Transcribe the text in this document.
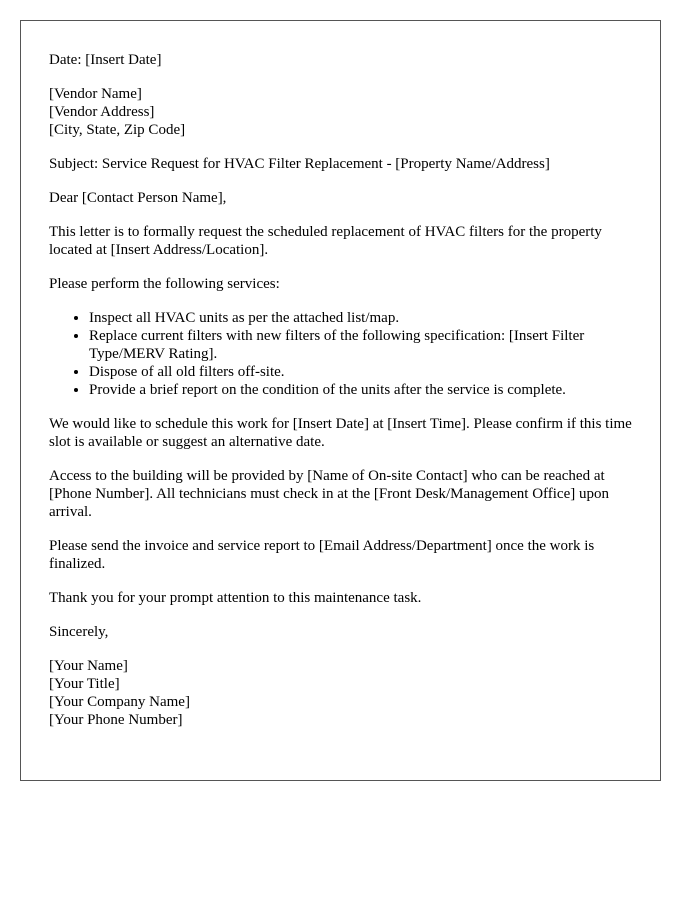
Date: [Insert Date]

[Vendor Name]
[Vendor Address]
[City, State, Zip Code]

Subject: Service Request for HVAC Filter Replacement - [Property Name/Address]

Dear [Contact Person Name],

This letter is to formally request the scheduled replacement of HVAC filters for the property located at [Insert Address/Location].

Please perform the following services:

• Inspect all HVAC units as per the attached list/map.
• Replace current filters with new filters of the following specification: [Insert Filter Type/MERV Rating].
• Dispose of all old filters off-site.
• Provide a brief report on the condition of the units after the service is complete.

We would like to schedule this work for [Insert Date] at [Insert Time]. Please confirm if this time slot is available or suggest an alternative date.

Access to the building will be provided by [Name of On-site Contact] who can be reached at [Phone Number]. All technicians must check in at the [Front Desk/Management Office] upon arrival.

Please send the invoice and service report to [Email Address/Department] once the work is finalized.

Thank you for your prompt attention to this maintenance task.

Sincerely,

[Your Name]
[Your Title]
[Your Company Name]
[Your Phone Number]
